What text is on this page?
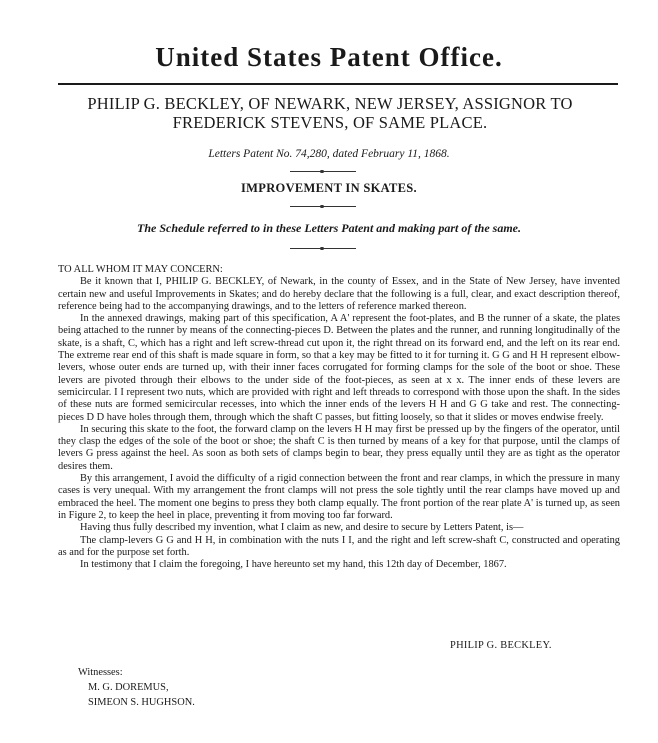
United States Patent Office.
PHILIP G. BECKLEY, OF NEWARK, NEW JERSEY, ASSIGNOR TO FREDERICK STEVENS, OF SAME PLACE.
Letters Patent No. 74,280, dated February 11, 1868.
IMPROVEMENT IN SKATES.
The Schedule referred to in these Letters Patent and making part of the same.

TO ALL WHOM IT MAY CONCERN:

Be it known that I, PHILIP G. BECKLEY, of Newark, in the county of Essex, and in the State of New Jersey, have invented certain new and useful Improvements in Skates; and do hereby declare that the following is a full, clear, and exact description thereof, reference being had to the accompanying drawings, and to the letters of reference marked thereon.

In the annexed drawings, making part of this specification, A A' represent the foot-plates, and B the runner of a skate, the plates being attached to the runner by means of the connecting-pieces D. Between the plates and the runner, and running longitudinally of the skate, is a shaft, C, which has a right and left screw-thread cut upon it, the right thread on its forward end, and the left on its rear end. The extreme rear end of this shaft is made square in form, so that a key may be fitted to it for turning it. G G and H H represent elbow-levers, whose outer ends are turned up, with their inner faces corrugated for forming clamps for the sole of the boot or shoe. These levers are pivoted through their elbows to the under side of the foot-pieces, as seen at x x. The inner ends of these levers are semicircular. I I represent two nuts, which are provided with right and left threads to correspond with those upon the shaft. In the sides of these nuts are formed semicircular recesses, into which the inner ends of the levers H H and G G take and rest. The connecting-pieces D D have holes through them, through which the shaft C passes, but fitting loosely, so that it slides or moves endwise freely.

In securing this skate to the foot, the forward clamp on the levers H H may first be pressed up by the fingers of the operator, until they clasp the edges of the sole of the boot or shoe; the shaft C is then turned by means of a key for that purpose, until the clamps of levers G press against the heel. As soon as both sets of clamps begin to bear, they press equally until they are as tight as the operator desires them.

By this arrangement, I avoid the difficulty of a rigid connection between the front and rear clamps, in which the pressure in many cases is very unequal. With my arrangement the front clamps will not press the sole tightly until the rear clamps have moved up and embraced the heel. The moment one begins to press they both clamp equally. The front portion of the rear plate A' is turned up, as seen in Figure 2, to keep the heel in place, preventing it from moving too far forward.

Having thus fully described my invention, what I claim as new, and desire to secure by Letters Patent, is—

The clamp-levers G G and H H, in combination with the nuts I I, and the right and left screw-shaft C, constructed and operating as and for the purpose set forth.

In testimony that I claim the foregoing, I have hereunto set my hand, this 12th day of December, 1867.

PHILIP G. BECKLEY.
Witnesses:
M. G. DOREMUS,
SIMEON S. HUGHSON.
